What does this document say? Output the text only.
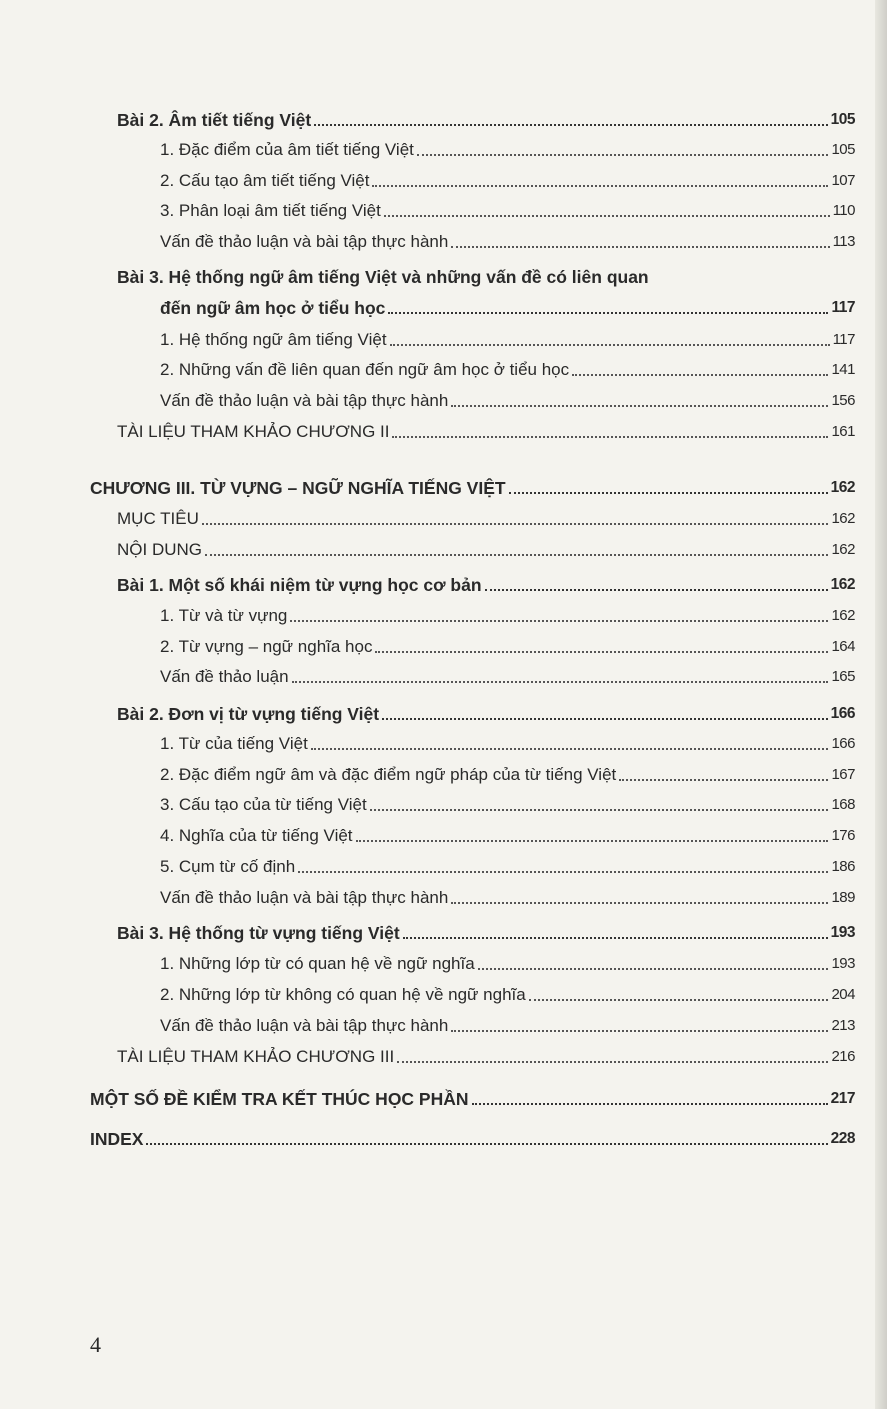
Bài 2. Âm tiết tiếng Việt	105
1. Đặc điểm của âm tiết tiếng Việt	105
2. Cấu tạo âm tiết tiếng Việt	107
3. Phân loại âm tiết tiếng Việt	110
Vấn đề thảo luận và bài tập thực hành	113
Bài 3. Hệ thống ngữ âm tiếng Việt và những vấn đề có liên quan
đến ngữ âm học ở tiểu học	117
1. Hệ thống ngữ âm tiếng Việt	117
2. Những vấn đề liên quan đến ngữ âm học ở tiểu học	141
Vấn đề thảo luận và bài tập thực hành	156
TÀI LIỆU THAM KHẢO CHƯƠNG II	161
CHƯƠNG III. TỪ VỰNG – NGỮ NGHĨA TIẾNG VIỆT	162
MỤC TIÊU	162
NỘI DUNG	162
Bài 1. Một số khái niệm từ vựng học cơ bản	162
1. Từ và từ vựng	162
2. Từ vựng – ngữ nghĩa học	164
Vấn đề thảo luận	165
Bài 2. Đơn vị từ vựng tiếng Việt	166
1. Từ của tiếng Việt	166
2. Đặc điểm ngữ âm và đặc điểm ngữ pháp của từ tiếng Việt	167
3. Cấu tạo của từ tiếng Việt	168
4. Nghĩa của từ tiếng Việt	176
5. Cụm từ cố định	186
Vấn đề thảo luận và bài tập thực hành	189
Bài 3. Hệ thống từ vựng tiếng Việt	193
1. Những lớp từ có quan hệ về ngữ nghĩa	193
2. Những lớp từ không có quan hệ về ngữ nghĩa	204
Vấn đề thảo luận và bài tập thực hành	213
TÀI LIỆU THAM KHẢO CHƯƠNG III	216
MỘT SỐ ĐỀ KIỂM TRA KẾT THÚC HỌC PHẦN	217
INDEX	228
4
